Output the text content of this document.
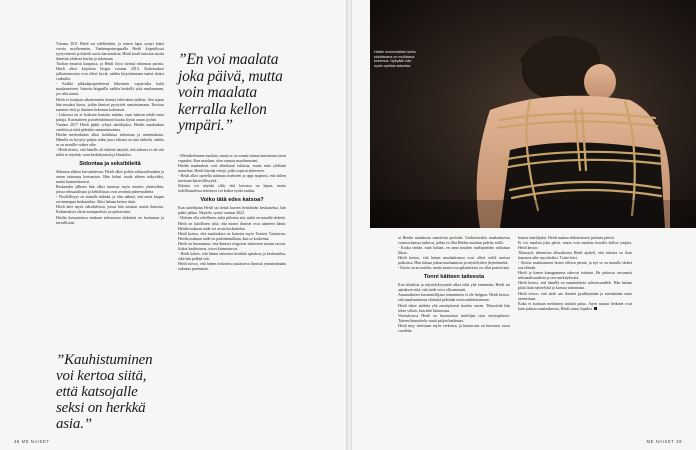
Vuonna 2011 Heidi sai edelleenkin, ja toinen lapsi syntyi kaksi vuotta myöhemmin. Vanhempainvapaalla Heidi kiipeäilyssä tyytyväisenä ja kokeili uusia harrastuksia. Heidi kuuli tutustua uusiin ihmisiin yhdessä kuviin ja sidontaan.

Tuohan muuttui kaupassa, ja Heidi löysi itsensä sidonnan parista. Heidi alkoi kirjoittaa blogia vuonna 2014. Kokemukset julkaisemisesta ovat olleet hyviä, vaikka kirjoittaminen tuntui aluksi vaikealta.

- Kaikki pikkulapsiperheessä liikenteen vapaa-aika kului maalaamiseen. Saatoin hiippailla vaikka keskellä yötä maalaamaan, jos siltä tuntui.

Heidi ei koskaan aikaisemmin tiennyt tekevänsä taidetta. Sen sijaan hän maalasi kuvia, joihin ihmiset pystyivät samaistumaan. Kuvissa tummat värit ja ihmisen kokemus kohtaavat.

- Lukiossa tai ei koskaan katsottu mitään, vaan halusin tehdä omia juttuja. Kuvataiteen ja mielenkiintoni kautta löysin oman tyylini.

Vuonna 2017 Heidi päätti ryhtyä taiteilijaksi. Heidin maalauksia ostettiin ja niitä pidettiin ammattimaisina.

Heidin mielenkiinto alkoi kohdistua sidontaan ja tuntemuksiin. Häneltä on kysytty paljon miksi juuri sidonta on niin tärkeää, vaikka se on monille vaikea aihe.

- Heidi kertoo, että hänelle oli tärkeää näyttää, että sidonta ei ole sitä miltä se näyttää, vaan keskittymistä ja läsnäoloa.

Sidontaa ja seksibileitä

Sidontaa alkaen kuvataiteessa, Heidi alkoi pohtia seksuaalisuuden ja oman tarinansa kertomista. Hän halusi tuoda aiheen näkyväksi, mutta kunnioittavasti.

Raskauden jälkeen hän alkoi tutustua myös moniin yhteisöihin, joissa seksuaalisuus ja kehollisuus ovat avoimia puheenaiheita.

- Yksilöllisyys on minulle tärkeää, ja olen nähnyt, että moni kaipaa avoimempaa keskustelua. Siksi haluan kertoa tästä.

Heidi kävi myös seksibileissä, joissa hän tutustui uusiin ihmisiin. Kokemukset olivat monipuolisia ja opettavaisia.

Heidin kuvaustensa mukaan sidonnassa tärkeintä on luottamus ja turvallisuus.

”Kauhistuminen voi kertoa siitä, että katsojalle seksi on herkkä asia.”
”En voi maalata joka päivä, mutta voin maalata kerralla kellon ympäri.”

- Mietiskelemme maalata, mutta se on saanut minua tuntemaan itseni vapaaksi. Kun maalaan, olen omassa maailmassani.

Heidin maalaukset ovat aiheiltaan erilaisia, mutta niitä yhdistää tunnelma. Heidi käyttää värejä, jotka sopivat aiheeseen.

- Heidi alkoi opetella sidontaa itsekseen ja oppi nopeasti, että siihen tarvitaan kärsivällisyyttä.

Sidonta voi näyttää siltä, että kuvassa on kipua, mutta todellisuudessa sidottava voi kokea syvää rauhaa.

Voiko tätä edes katsoa?

Kun taiteilijana Heidi sai tietää kuvien herättävän keskustelua, hän päätti jatkaa. Näyttely syntyi vuonna 2022.

- Halusin olla rehellinen, enkä piilottaa sitä, mikä on minulle tärkeää.

Heidi on kiitollinen siitä, että monet ihmiset ovat tukeneet häntä. Heidin mukaan taide voi avata keskustelua.

Heidi kertoo, että maalauksia on katsottu myös Teatteri Tunturissa. Heidin mukaan taide on parhaimmillaan, kun se koskettaa.

Heidi on huomannut, että ihmiset reagoivat taiteeseen monin tavoin. Jotkut kauhistuvat, toiset kiinnostuvat.

- Heidi kokee, että hänen taiteensa herättää ajatuksia ja keskustelua, eikä hän pelkää sitä.

Heidi toivoo, että hänen teoksensa auttaisivat ihmisiä ymmärtämään sidontaa paremmin.

38 ME NAISET
Heidin ensimmäinen kerta sidottavana on mullistava kokemus. Nykyään hän myös opettaa sidontaa.

ai Heidin maalausta saatoittiin porbolat. Uudenvuoden maalauksessa vaimon kanssa tutkivat, joihin ei ollut Heidin maalaus pidetty esillä.

- Koska tiedän, mitä haluan, en anna muiden mielipiteiden vaikuttaa liikaa.

Heidi kertoo, että hänen maalauksensa ovat olleet esillä useissa paikoissa. Hän haluaa jatkaa maalaamista ja näyttelyiden järjestämistä.

- Kuvia on arvosteltu, mutta suurin osa palautteesta on ollut positiivista.

Tonni kätteen taiteesta

Kun tilauksia ja näyttelykysyntää alkoi tulla yhä enemmän, Heidi sai ajatuksen siitä, että taide voisi olla ammatti.

Ammatikseen kuvataiteilijana toimiminen ei ole helppoa. Heidi kertoo, että maalaamisesta elämistä pidetään usein mahdottomana.

Heidi tekee taidetta yhä ensisijaisesti itseään varten. Tilaustöitä hän tekee silloin, kun aihe kiinnostaa.

Verotuksessa Heidi on huomioinut taiteilijan työn erityispiirteet. Taiteen hinnoittelu vaatii paljon harkintaa.

Heidi myy teoksiaan myös verkossa, ja kiinnostus on kasvanut vuosi vuodelta.

kasten taiteilijaksi. Heidi maalaa ehdottomasti parhaita päiviä.

Ei voi maalata joka päivä, mutta voin maalata kerralla kellon ympäri, Heidi kertoo.

Tilaustyöt tekemisen alkuaikoina Heidi ajatteli, että sidonta on liian haastava aihe myytäväksi. Toisin kävi.

- Aloitin maalaamisen lasten ollessa pieniä, ja nyt se on minulle tärkeä osa elämää.

Heidi ja hänen kumppaninsa tukevat toisiaan. He puhuvat avoimesti seksuaalisuudesta ja sen merkityksestä.

Heidi kertoo, että hänellä on suunnitelmia tulevaisuudelle. Hän haluaa pitää lisää näyttelyitä ja kurssia sidonnasta.

Heidi toivoo, että taide saa ihmiset pysähtymään ja miettimään omia asenteitaan.

Kuka ei koskaan merkinnyt mitään palaa. Arjen mustat hetkinet ovat kuin palasia maalauksessa, Heidi sanoo lopuksi.

ME NAISET 39
